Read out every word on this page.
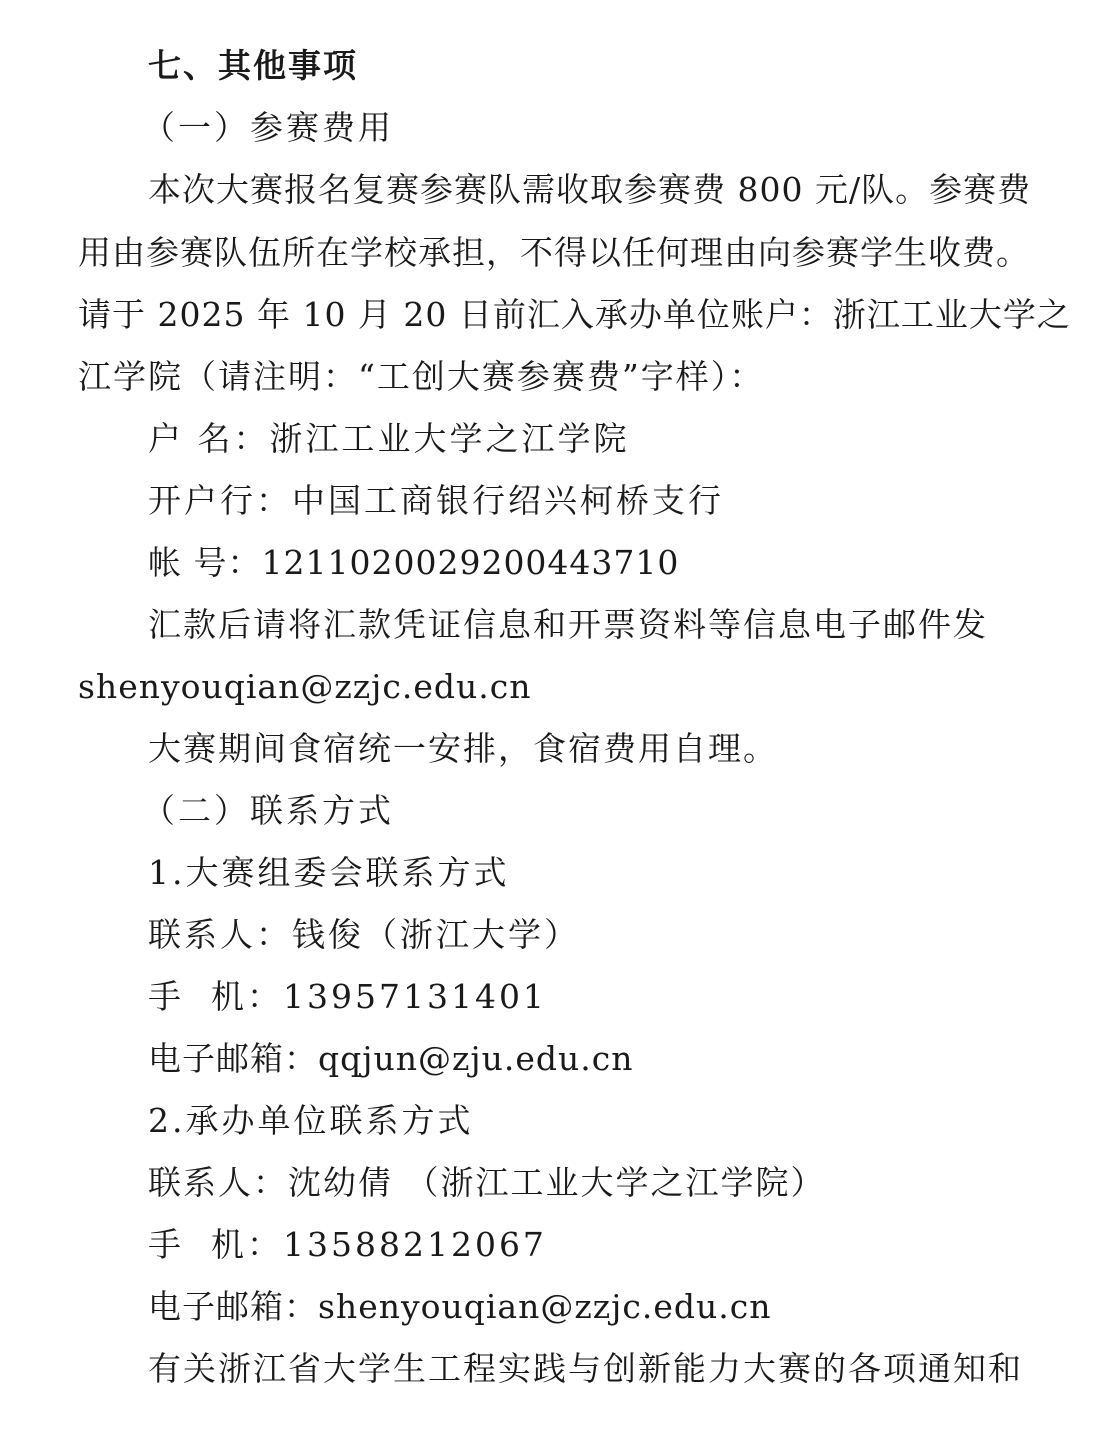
七、其他事项
（一）参赛费用
本次大赛报名复赛参赛队需收取参赛费 800 元/队。参赛费
用由参赛队伍所在学校承担，不得以任何理由向参赛学生收费。
请于 2025 年 10 月 20 日前汇入承办单位账户：浙江工业大学之
江学院（请注明：“工创大赛参赛费”字样）：
户 名：浙江工业大学之江学院
开户行：中国工商银行绍兴柯桥支行
帐 号：1211020029200443710
汇款后请将汇款凭证信息和开票资料等信息电子邮件发
shenyouqian@zzjc.edu.cn
大赛期间食宿统一安排，食宿费用自理。
（二）联系方式
1.大赛组委会联系方式
联系人：钱俊（浙江大学）
手  机：13957131401
电子邮箱：qqjun@zju.edu.cn
2.承办单位联系方式
联系人：沈幼倩 （浙江工业大学之江学院）
手  机：13588212067
电子邮箱：shenyouqian@zzjc.edu.cn
有关浙江省大学生工程实践与创新能力大赛的各项通知和
